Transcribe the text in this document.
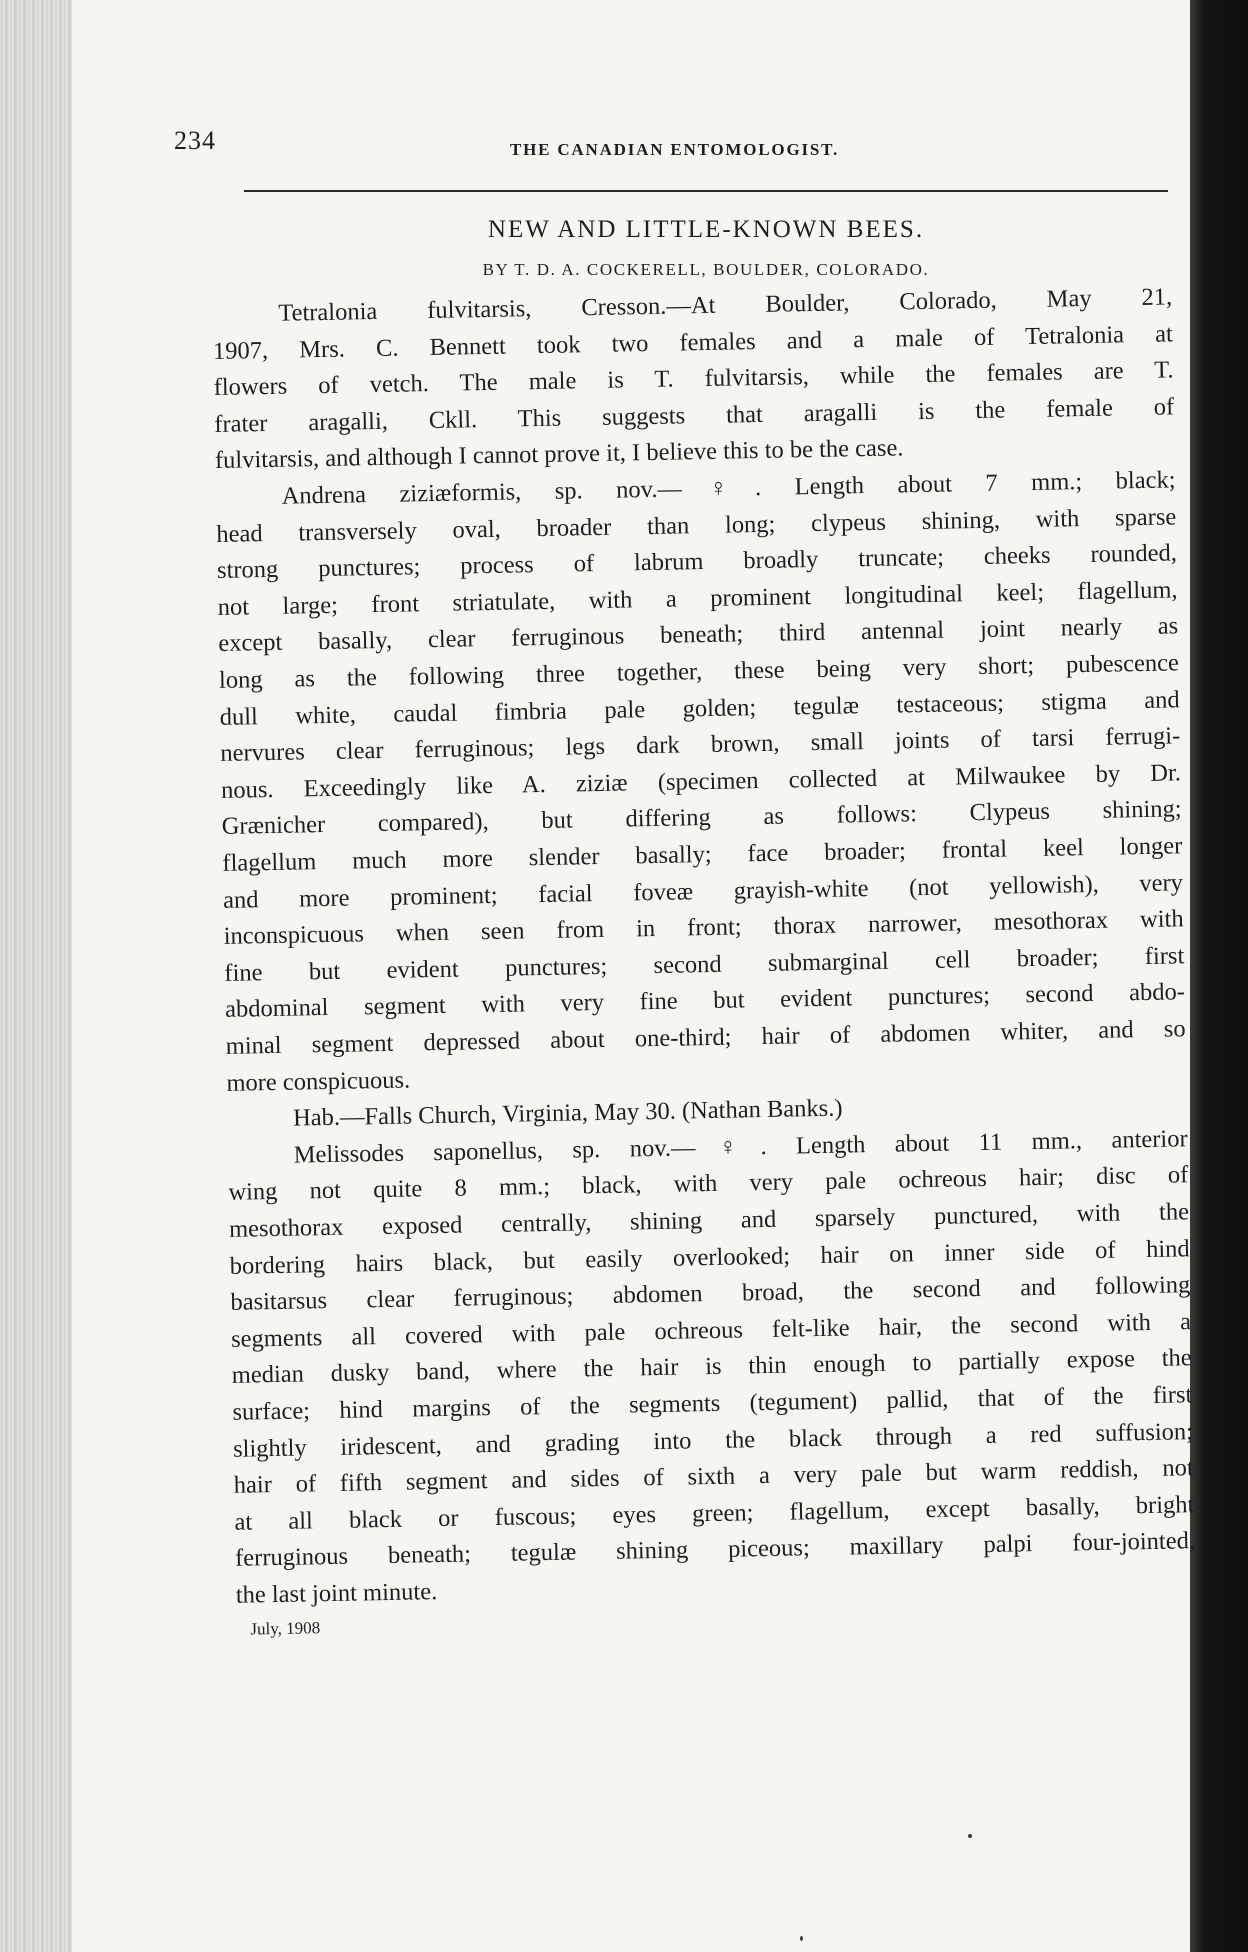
234	THE CANADIAN ENTOMOLOGIST.
NEW AND LITTLE-KNOWN BEES.
BY T. D. A. COCKERELL, BOULDER, COLORADO.
Tetralonia fulvitarsis, Cresson.—At Boulder, Colorado, May 21,
1907, Mrs. C. Bennett took two females and a male of Tetralonia at
flowers of vetch. The male is T. fulvitarsis, while the females are T.
frater aragalli, Ckll. This suggests that aragalli is the female of
fulvitarsis, and although I cannot prove it, I believe this to be the case.
Andrena ziziæformis, sp. nov.—♀. Length about 7 mm.; black;
head transversely oval, broader than long; clypeus shining, with sparse
strong punctures; process of labrum broadly truncate; cheeks rounded,
not large; front striatulate, with a prominent longitudinal keel; flagellum,
except basally, clear ferruginous beneath; third antennal joint nearly as
long as the following three together, these being very short; pubescence
dull white, caudal fimbria pale golden; tegulæ testaceous; stigma and
nervures clear ferruginous; legs dark brown, small joints of tarsi ferrugi-
nous. Exceedingly like A. ziziæ (specimen collected at Milwaukee by Dr.
Grænicher compared), but differing as follows: Clypeus shining;
flagellum much more slender basally; face broader; frontal keel longer
and more prominent; facial foveæ grayish-white (not yellowish), very
inconspicuous when seen from in front; thorax narrower, mesothorax with
fine but evident punctures; second submarginal cell broader; first
abdominal segment with very fine but evident punctures; second abdo-
minal segment depressed about one-third; hair of abdomen whiter, and so
more conspicuous.
Hab.—Falls Church, Virginia, May 30. (Nathan Banks.)
Melissodes saponellus, sp. nov.—♀. Length about 11 mm., anterior
wing not quite 8 mm.; black, with very pale ochreous hair; disc of
mesothorax exposed centrally, shining and sparsely punctured, with the
bordering hairs black, but easily overlooked; hair on inner side of hind
basitarsus clear ferruginous; abdomen broad, the second and following
segments all covered with pale ochreous felt-like hair, the second with a
median dusky band, where the hair is thin enough to partially expose the
surface; hind margins of the segments (tegument) pallid, that of the first
slightly iridescent, and grading into the black through a red suffusion;
hair of fifth segment and sides of sixth a very pale but warm reddish, not
at all black or fuscous; eyes green; flagellum, except basally, bright
ferruginous beneath; tegulæ shining piceous; maxillary palpi four-jointed,
the last joint minute.
July, 1908
